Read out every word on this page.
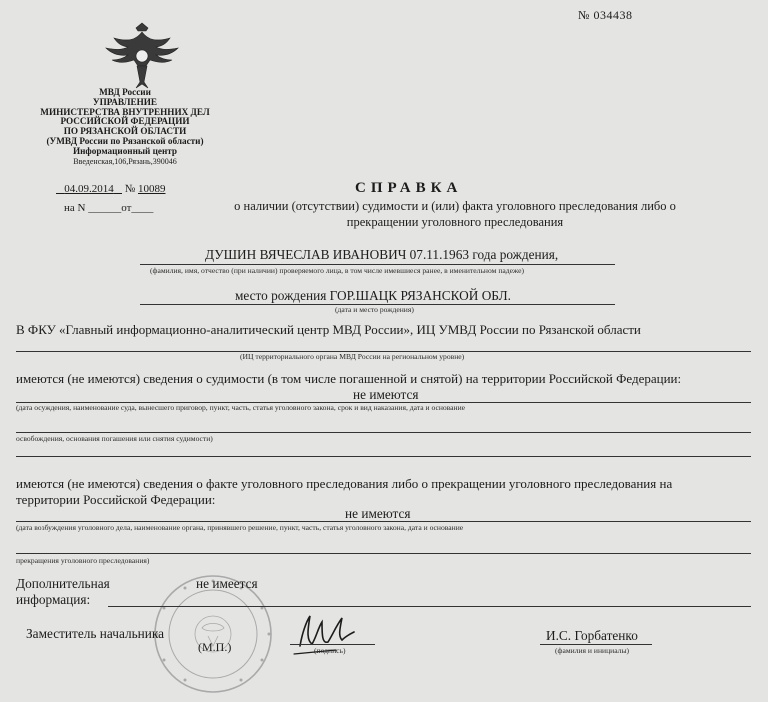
№ 034438
МВД России
УПРАВЛЕНИЕ
МИНИСТЕРСТВА ВНУТРЕННИХ ДЕЛ
РОССИЙСКОЙ ФЕДЕРАЦИИ
ПО РЯЗАНСКОЙ ОБЛАСТИ
(УМВД России по Рязанской области)
Информационный центр
Введенская,106,Рязань,390046
04.09.2014 № 10089
на N ______от____
СПРАВКА
о наличии (отсутствии) судимости и (или) факта уголовного преследования либо о прекращении уголовного преследования
ДУШИН ВЯЧЕСЛАВ ИВАНОВИЧ 07.11.1963 года рождения,
(фамилия, имя, отчество (при наличии) проверяемого лица, в том числе имевшиеся ранее, в именительном падеже)
место рождения ГОР.ШАЦК РЯЗАНСКОЙ ОБЛ.
(дата и место рождения)
В ФКУ «Главный информационно-аналитический центр МВД России», ИЦ УМВД России по Рязанской области
(ИЦ территориального органа МВД России на региональном уровне)
имеются (не имеются) сведения о судимости (в том числе погашенной и снятой) на территории Российской Федерации:
не имеются
(дата осуждения, наименование суда, вынесшего приговор, пункт, часть, статья уголовного закона, срок и вид наказания, дата и основание
освобождения, основания погашения или снятия судимости)
имеются (не имеются) сведения о факте уголовного преследования либо о прекращении уголовного преследования на
территории Российской Федерации:
не имеются
(дата возбуждения уголовного дела, наименование органа, принявшего решение, пункт, часть, статья уголовного закона, дата и основание
прекращения уголовного преследования)
Дополнительная
информация:
не имеется
Заместитель начальника
(М.П.)	(подпись)
И.С. Горбатенко
(фамилия и инициалы)
